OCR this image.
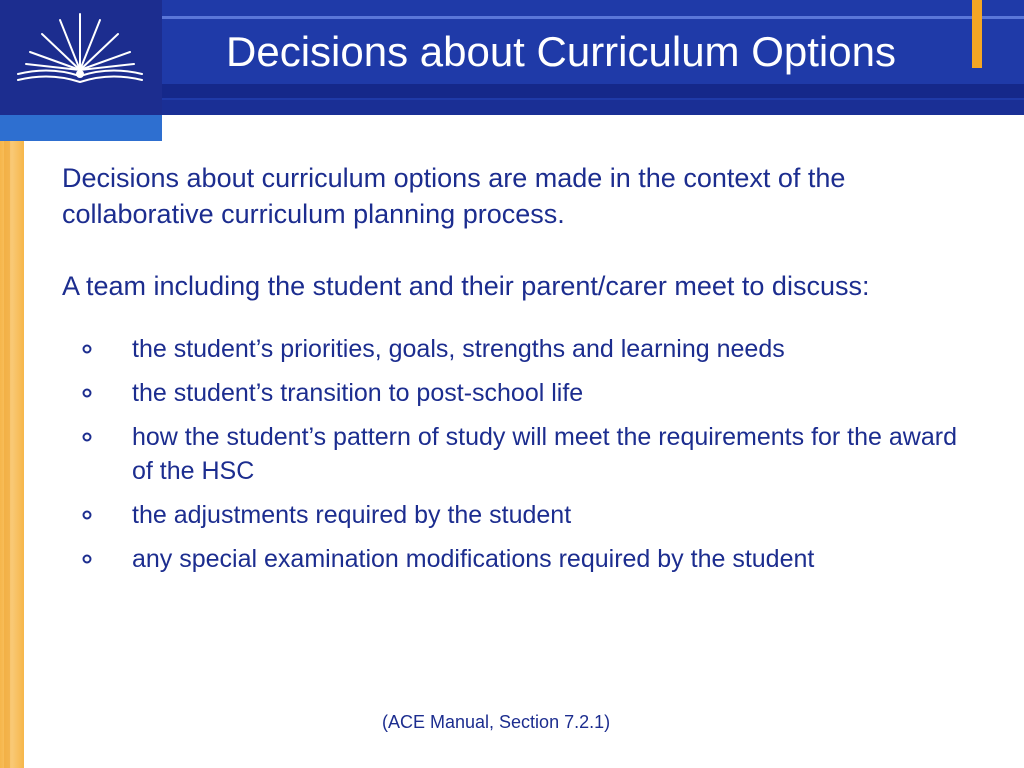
Decisions about Curriculum Options

Decisions about curriculum options are made in the context of the collaborative curriculum planning process.

A team including the student and their parent/carer meet to discuss:

the student’s priorities, goals, strengths and learning needs
the student’s transition to post-school life
how the student’s pattern of study will meet the requirements for the award of the HSC
the adjustments required by the student
any special examination modifications required by the student
(ACE Manual, Section 7.2.1)
